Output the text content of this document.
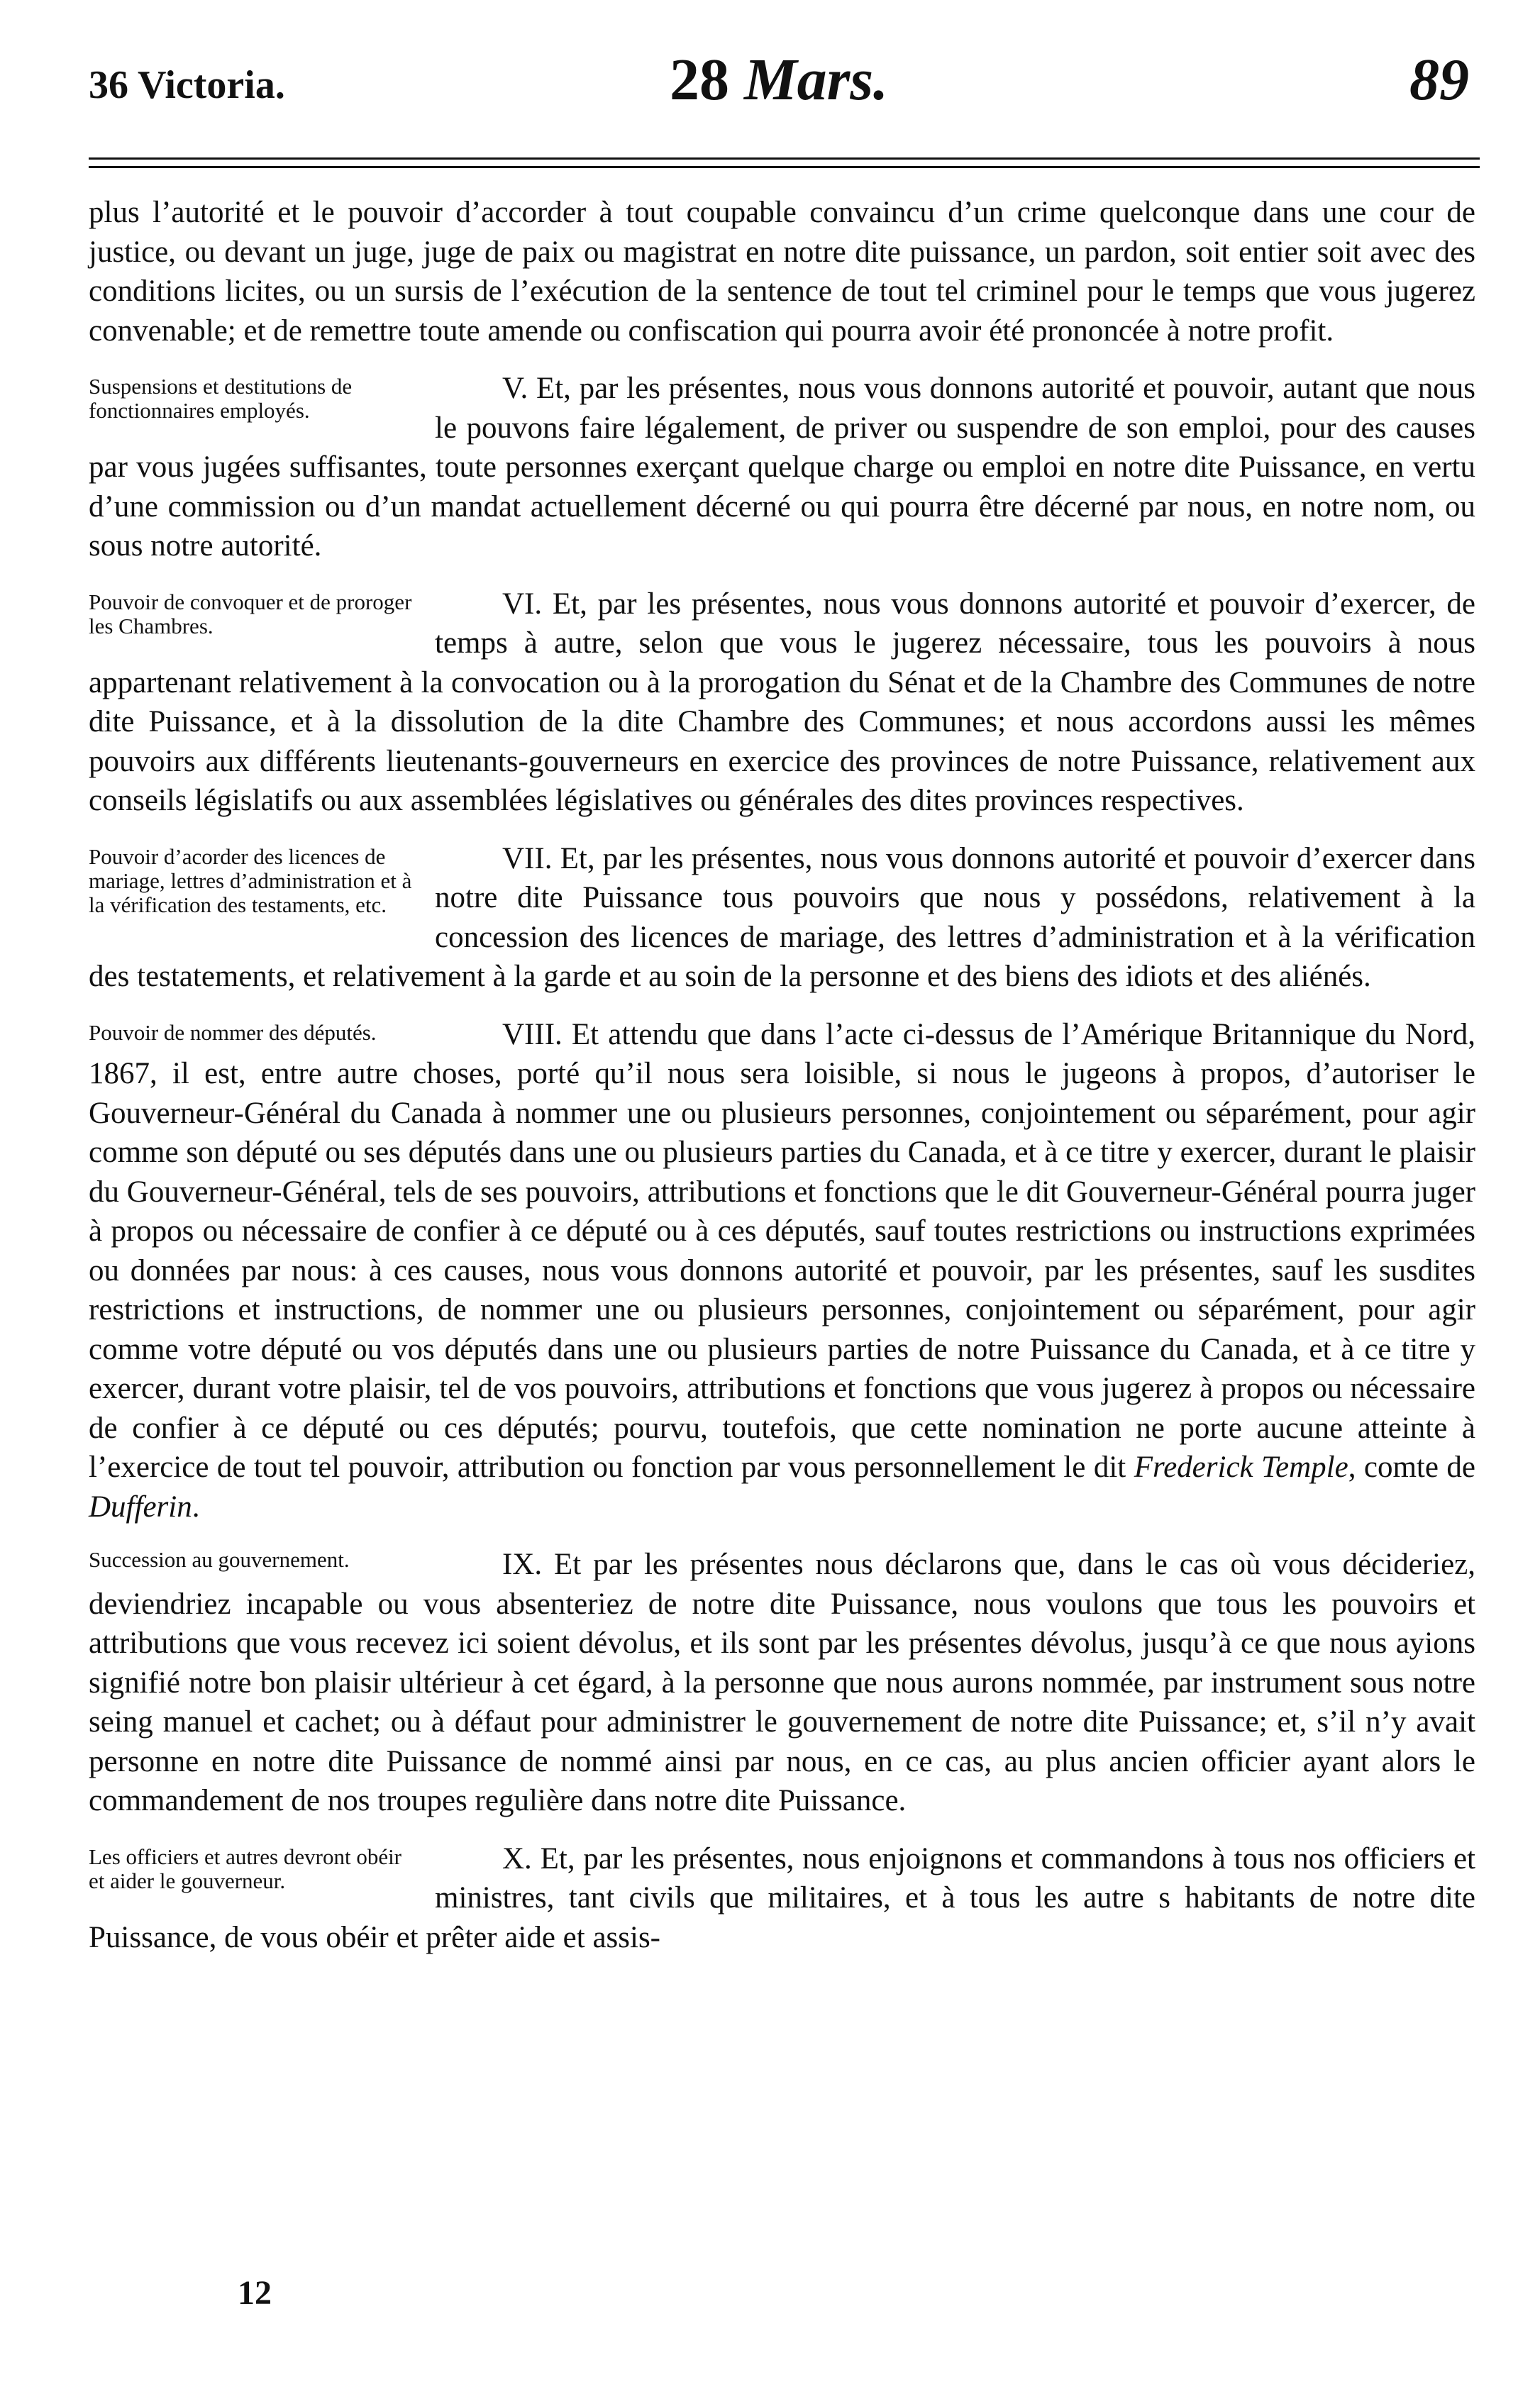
36 Victoria.	28 Mars.	89

plus l’autorité et le pouvoir d’accorder à tout coupable convaincu d’un crime quelconque dans une cour de justice, ou devant un juge, juge de paix ou magistrat en notre dite puissance, un pardon, soit entier soit avec des conditions licites, ou un sursis de l’exécution de la sentence de tout tel criminel pour le temps que vous jugerez convenable; et de remettre toute amende ou confiscation qui pourra avoir été prononcée à notre profit.

V.
Suspensions et destitutions de fonctionnaires employés.
Et, par les présentes, nous vous donnons autorité et pouvoir, autant que nous le pouvons faire légalement, de priver ou suspendre de son emploi, pour des causes par vous jugées suffisantes, toute personnes exerçant quelque charge ou emploi en notre dite Puissance, en vertu d’une commission ou d’un mandat actuellement décerné ou qui pourra être décerné par nous, en notre nom, ou sous notre autorité.
VI.
Pouvoir de convoquer et de proroger les Chambres.
Et, par les présentes, nous vous donnons autorité et pouvoir d’exercer, de temps à autre, selon que vous le jugerez nécessaire, tous les pouvoirs à nous appartenant relativement à la convocation ou à la prorogation du Sénat et de la Chambre des Communes de notre dite Puissance, et à la dissolution de la dite Chambre des Communes; et nous accordons aussi les mêmes pouvoirs aux différents lieutenants-gouverneurs en exercice des provinces de notre Puissance, relativement aux conseils législatifs ou aux assemblées législatives ou générales des dites provinces respectives.
VII.
Pouvoir d’acorder des licences de mariage, lettres d’administration et à la vérification des testaments, etc.
Et, par les présentes, nous vous donnons autorité et pouvoir d’exercer dans notre dite Puissance tous pouvoirs que nous y possédons, relativement à la concession des licences de mariage, des lettres d’administration et à la vérification des testatements, et relativement à la garde et au soin de la personne et des biens des idiots et des aliénés.
VIII.
Pouvoir de nommer des députés.	Et attendu que dans l’acte ci-dessus de l’Amérique Britannique du Nord, 1867, il est, entre autre choses, porté qu’il nous sera loisible, si nous le jugeons à propos, d’autoriser le Gouverneur-Général du Canada à nommer une ou plusieurs personnes, conjointement ou séparément, pour agir comme son député ou ses députés dans une ou plusieurs parties du Canada, et à ce titre y exercer, durant le plaisir du Gouverneur-Général, tels de ses pouvoirs, attributions et fonctions que le dit Gouverneur-Général pourra juger à propos ou nécessaire de confier à ce député ou à ces députés, sauf toutes restrictions ou instructions exprimées ou données par nous: à ces causes, nous vous donnons autorité et pouvoir, par les présentes, sauf les susdites restrictions et instructions, de nommer une ou plusieurs personnes, conjointement ou séparément, pour agir comme votre député ou vos députés dans une ou plusieurs parties de notre Puissance du Canada, et à ce titre y exercer, durant votre plaisir, tel de vos pouvoirs, attributions et fonctions que vous jugerez à propos ou nécessaire de confier à ce député ou ces députés; pourvu, toutefois, que cette nomination ne porte aucune atteinte à l’exercice de tout tel pouvoir, attribution ou fonction par vous personnellement le dit Frederick Temple, comte de Dufferin.
Succession au gouvernement.	IX. Et par les présentes nous déclarons que, dans le cas où vous décideriez, deviendriez incapable ou vous absenteriez de notre dite Puissance, nous voulons que tous les pouvoirs et attributions que vous recevez ici soient dévolus, et ils sont par les présentes dévolus, jusqu’à ce que nous ayions signifié notre bon plaisir ultérieur à cet égard, à la personne que nous aurons nommée, par instrument sous notre seing manuel et cachet; ou à défaut pour administrer le gouvernement de notre dite Puissance; et, s’il n’y avait personne en notre dite Puissance de nommé ainsi par nous, en ce cas, au plus ancien officier ayant alors le commandement de nos troupes regulière dans notre dite Puissance.
Les officiers et autres devront obéir et aider le gouverneur.
X. Et, par les présentes, nous enjoignons et commandons à tous nos officiers et ministres, tant civils que militaires, et à tous les autre s habitants de notre dite Puissance, de vous obéir et prêter aide et assis-
12
